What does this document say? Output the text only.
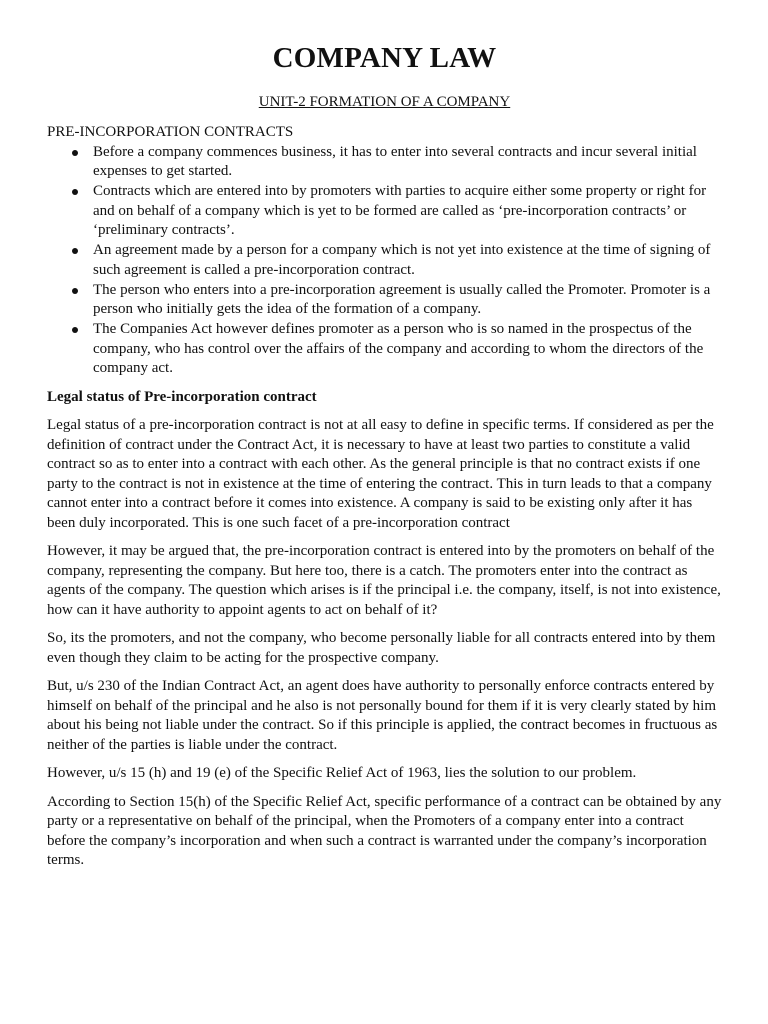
COMPANY LAW
UNIT-2 FORMATION OF A COMPANY
PRE-INCORPORATION CONTRACTS
Before a company commences business, it has to enter into several contracts and incur several initial expenses to get started.
Contracts which are entered into by promoters with parties to acquire either some property or right for and on behalf of a company which is yet to be formed are called as ‘pre-incorporation contracts’ or ‘preliminary contracts’.
An agreement made by a person for a company which is not yet into existence at the time of signing of such agreement is called a pre-incorporation contract.
The person who enters into a pre-incorporation agreement is usually called the Promoter. Promoter is a person who initially gets the idea of the formation of a company.
The Companies Act however defines promoter as a person who is so named in the prospectus of the company, who has control over the affairs of the company and according to whom the directors of the company act.
Legal status of Pre-incorporation contract

Legal status of a pre-incorporation contract is not at all easy to define in specific terms. If considered as per the definition of contract under the Contract Act, it is necessary to have at least two parties to constitute a valid contract so as to enter into a contract with each other. As the general principle is that no contract exists if one party to the contract is not in existence at the time of entering the contract. This in turn leads to that a company cannot enter into a contract before it comes into existence. A company is said to be existing only after it has been duly incorporated. This is one such facet of a pre-incorporation contract

However, it may be argued that, the pre-incorporation contract is entered into by the promoters on behalf of the company, representing the company. But here too, there is a catch. The promoters enter into the contract as agents of the company. The question which arises is if the principal i.e. the company, itself, is not into existence, how can it have authority to appoint agents to act on behalf of it?

So, its the promoters, and not the company, who become personally liable for all contracts entered into by them even though they claim to be acting for the prospective company.

But, u/s 230 of the Indian Contract Act, an agent does have authority to personally enforce contracts entered by himself on behalf of the principal and he also is not personally bound for them if it is very clearly stated by him about his being not liable under the contract. So if this principle is applied, the contract becomes in fructuous as neither of the parties is liable under the contract.

However, u/s 15 (h) and 19 (e) of the Specific Relief Act of 1963, lies the solution to our problem.

According to Section 15(h) of the Specific Relief Act, specific performance of a contract can be obtained by any party or a representative on behalf of the principal, when the Promoters of a company enter into a contract before the company’s incorporation and when such a contract is warranted under the company’s incorporation terms.
